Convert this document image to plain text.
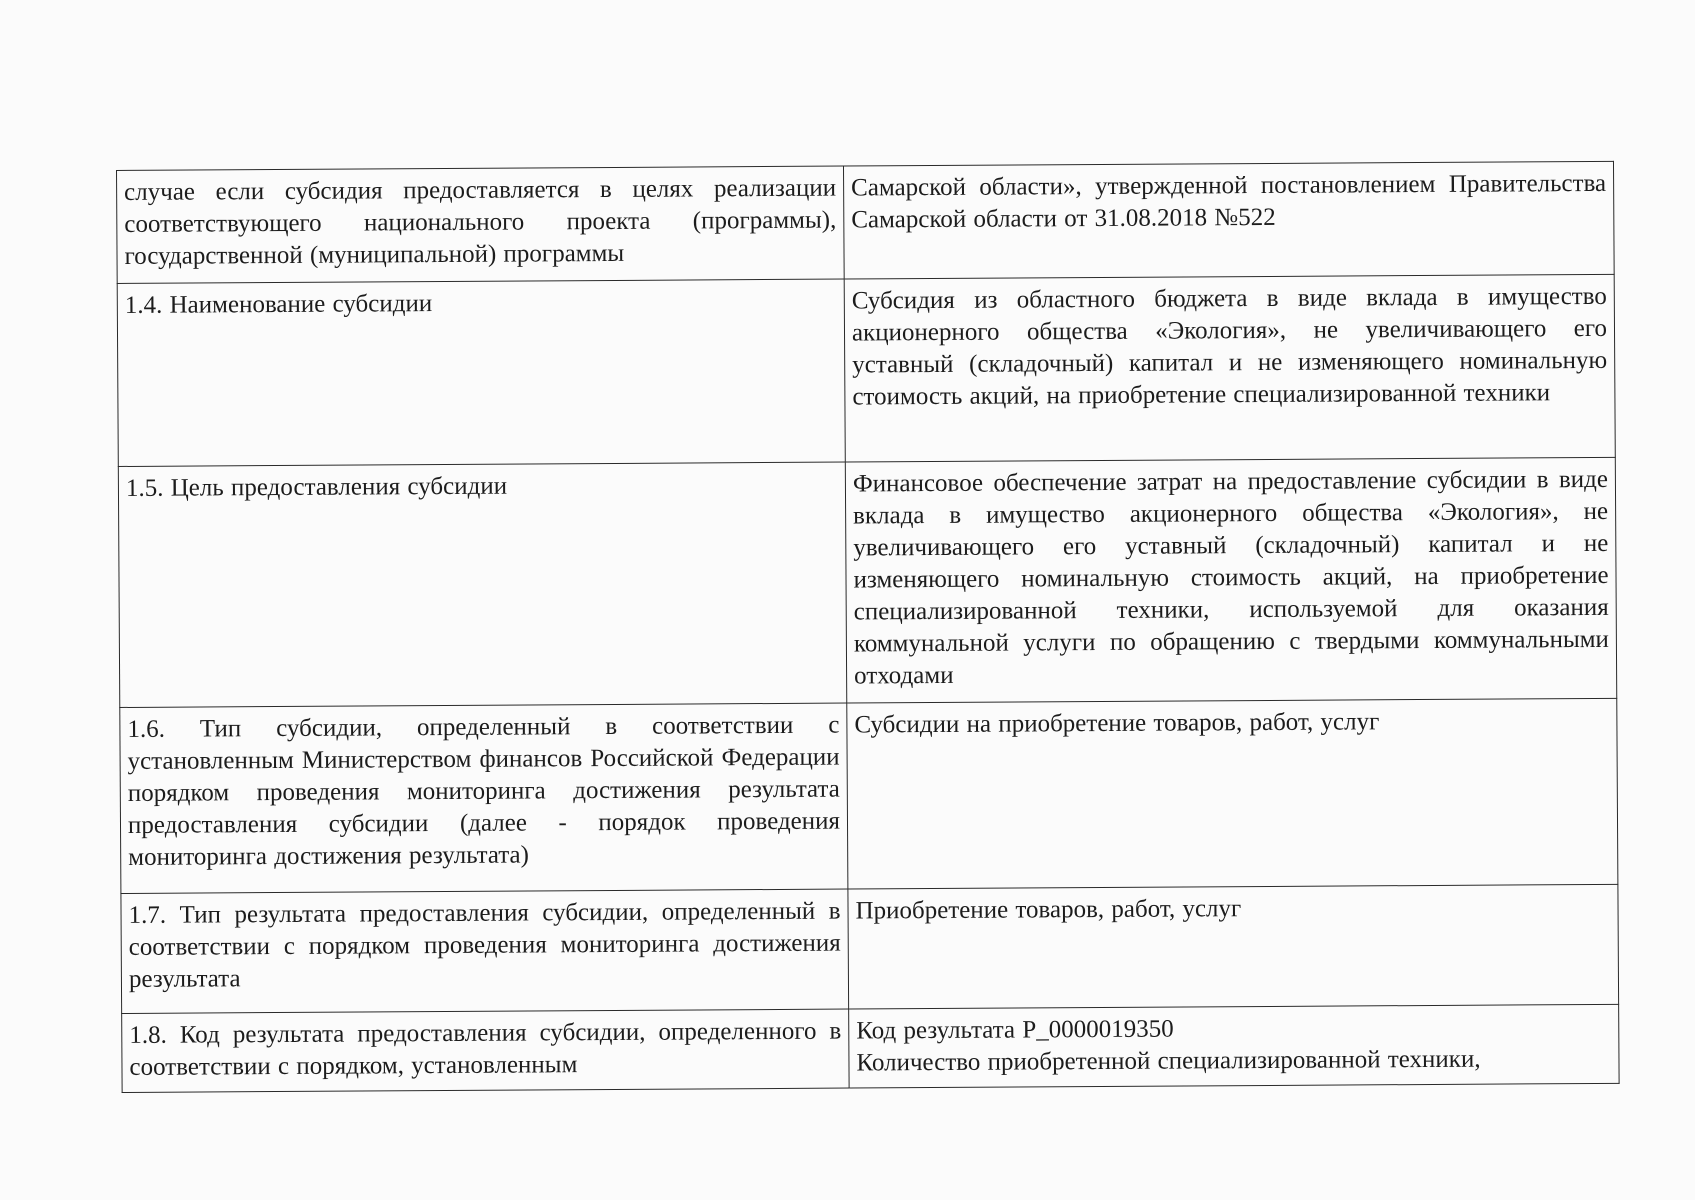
случае если субсидия предоставляется в целях реализации соответствующего национального проекта (программы), государственной (муниципальной) программы	Самарской области», утвержденной постановлением Правительства Самарской области от 31.08.2018 №522

1.4. Наименование субсидии	Субсидия из областного бюджета в виде вклада в имущество акционерного общества «Экология», не увеличивающего его уставный (складочный) капитал и не изменяющего номинальную стоимость акций, на приобретение специализированной техники

1.5. Цель предоставления субсидии	Финансовое обеспечение затрат на предоставление субсидии в виде вклада в имущество акционерного общества «Экология», не увеличивающего его уставный (складочный) капитал и не изменяющего номинальную стоимость акций, на приобретение специализированной техники, используемой для оказания коммунальной услуги по обращению с твердыми коммунальными отходами

1.6. Тип субсидии, определенный в соответствии с установленным Министерством финансов Российской Федерации порядком проведения мониторинга достижения результата предоставления субсидии (далее - порядок проведения мониторинга достижения результата)	Субсидии на приобретение товаров, работ, услуг

1.7. Тип результата предоставления субсидии, определенный в соответствии с порядком проведения мониторинга достижения результата	Приобретение товаров, работ, услуг

1.8. Код результата предоставления субсидии, определенного в соответствии с порядком, установленным	Код результата P_0000019350
Количество приобретенной специализированной техники,
